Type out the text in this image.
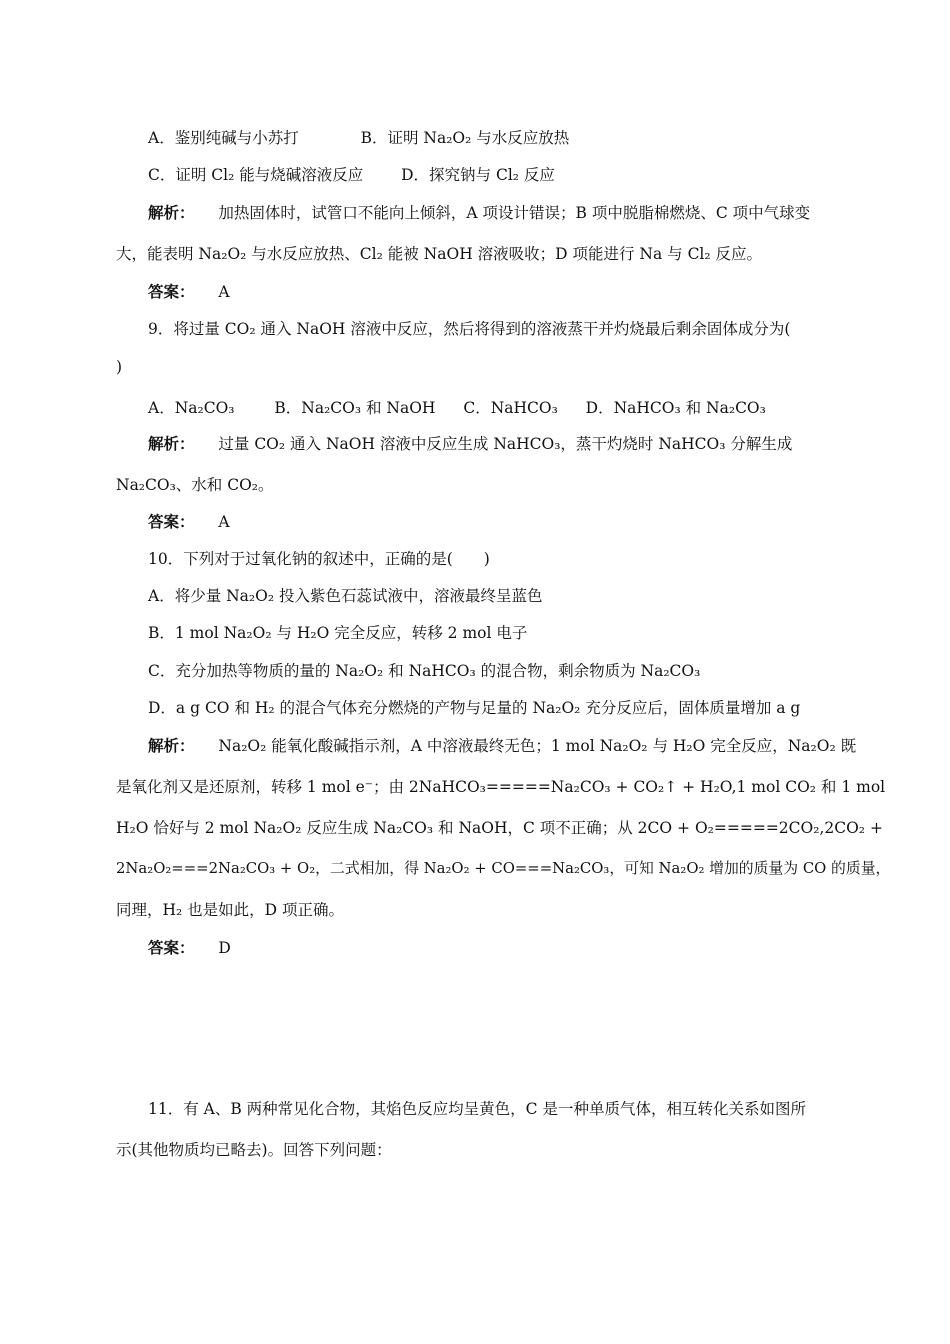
A．鉴别纯碱与小苏打	B．证明 Na₂O₂ 与水反应放热
C．证明 Cl₂ 能与烧碱溶液反应 D．探究钠与 Cl₂ 反应
解析： 加热固体时，试管口不能向上倾斜，A 项设计错误；B 项中脱脂棉燃烧、C 项中气球变
大，能表明 Na₂O₂ 与水反应放热、Cl₂ 能被 NaOH 溶液吸收；D 项能进行 Na 与 Cl₂ 反应。
答案： A
9．将过量 CO₂ 通入 NaOH 溶液中反应，然后将得到的溶液蒸干并灼烧最后剩余固体成分为(
)
A．Na₂CO₃	B．Na₂CO₃ 和 NaOH C．NaHCO₃ D．NaHCO₃ 和 Na₂CO₃
解析： 过量 CO₂ 通入 NaOH 溶液中反应生成 NaHCO₃，蒸干灼烧时 NaHCO₃ 分解生成
Na₂CO₃、水和 CO₂。
答案： A
10．下列对于过氧化钠的叙述中，正确的是(　　)
A．将少量 Na₂O₂ 投入紫色石蕊试液中，溶液最终呈蓝色
B．1 mol Na₂O₂ 与 H₂O 完全反应，转移 2 mol 电子
C．充分加热等物质的量的 Na₂O₂ 和 NaHCO₃ 的混合物，剩余物质为 Na₂CO₃
D．a g CO 和 H₂ 的混合气体充分燃烧的产物与足量的 Na₂O₂ 充分反应后，固体质量增加 a g
解析： Na₂O₂ 能氧化酸碱指示剂，A 中溶液最终无色；1 mol Na₂O₂ 与 H₂O 完全反应，Na₂O₂ 既
是氧化剂又是还原剂，转移 1 mol e⁻；由 2NaHCO₃=====Na₂CO₃ + CO₂↑ + H₂O,1 mol CO₂ 和 1 mol
H₂O 恰好与 2 mol Na₂O₂ 反应生成 Na₂CO₃ 和 NaOH，C 项不正确；从 2CO + O₂=====2CO₂,2CO₂ +
2Na₂O₂===2Na₂CO₃ + O₂，二式相加，得 Na₂O₂ + CO===Na₂CO₃，可知 Na₂O₂ 增加的质量为 CO 的质量，
同理，H₂ 也是如此，D 项正确。
答案： D
11．有 A、B 两种常见化合物，其焰色反应均呈黄色，C 是一种单质气体，相互转化关系如图所
示(其他物质均已略去)。回答下列问题：
